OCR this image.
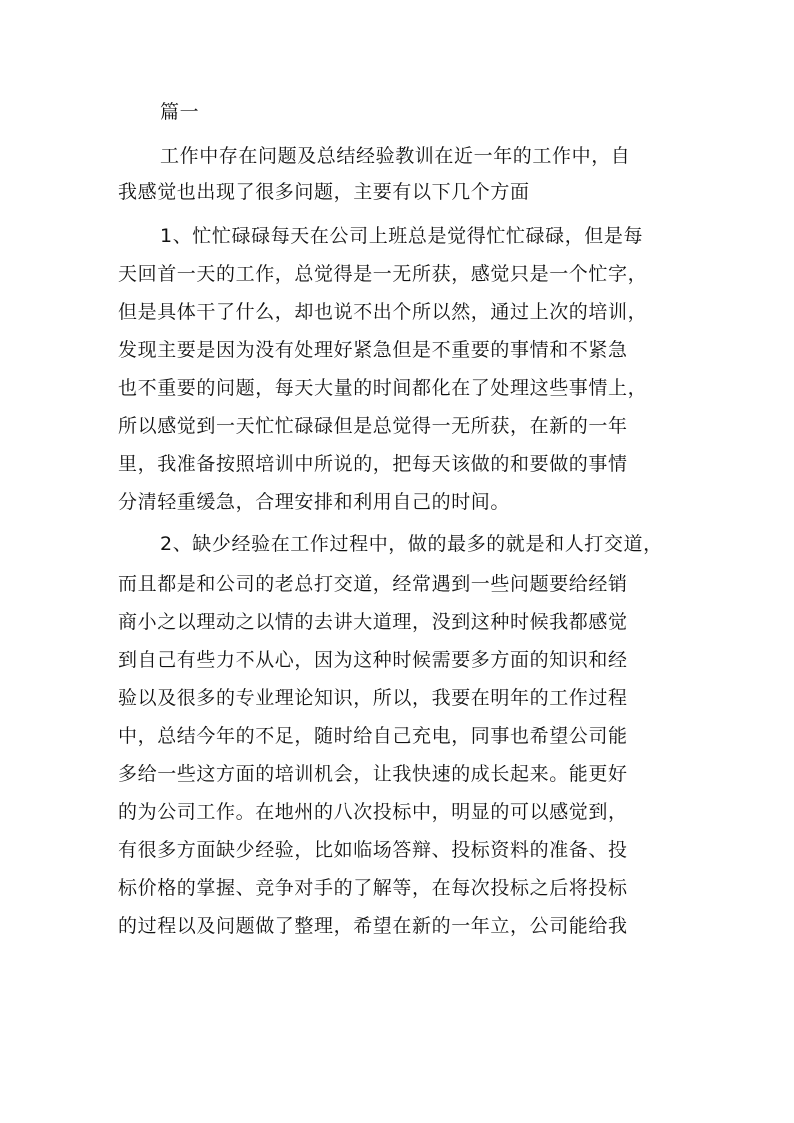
篇一
工作中存在问题及总结经验教训在近一年的工作中，自
我感觉也出现了很多问题，主要有以下几个方面
1、忙忙碌碌每天在公司上班总是觉得忙忙碌碌，但是每
天回首一天的工作，总觉得是一无所获，感觉只是一个忙字，
但是具体干了什么，却也说不出个所以然，通过上次的培训，
发现主要是因为没有处理好紧急但是不重要的事情和不紧急
也不重要的问题，每天大量的时间都化在了处理这些事情上，
所以感觉到一天忙忙碌碌但是总觉得一无所获，在新的一年
里，我准备按照培训中所说的，把每天该做的和要做的事情
分清轻重缓急，合理安排和利用自己的时间。
2、缺少经验在工作过程中，做的最多的就是和人打交道，
而且都是和公司的老总打交道，经常遇到一些问题要给经销
商小之以理动之以情的去讲大道理，没到这种时候我都感觉
到自己有些力不从心，因为这种时候需要多方面的知识和经
验以及很多的专业理论知识，所以，我要在明年的工作过程
中，总结今年的不足，随时给自己充电，同事也希望公司能
多给一些这方面的培训机会，让我快速的成长起来。能更好
的为公司工作。在地州的八次投标中，明显的可以感觉到，
有很多方面缺少经验，比如临场答辩、投标资料的准备、投
标价格的掌握、竞争对手的了解等，在每次投标之后将投标
的过程以及问题做了整理，希望在新的一年立，公司能给我
